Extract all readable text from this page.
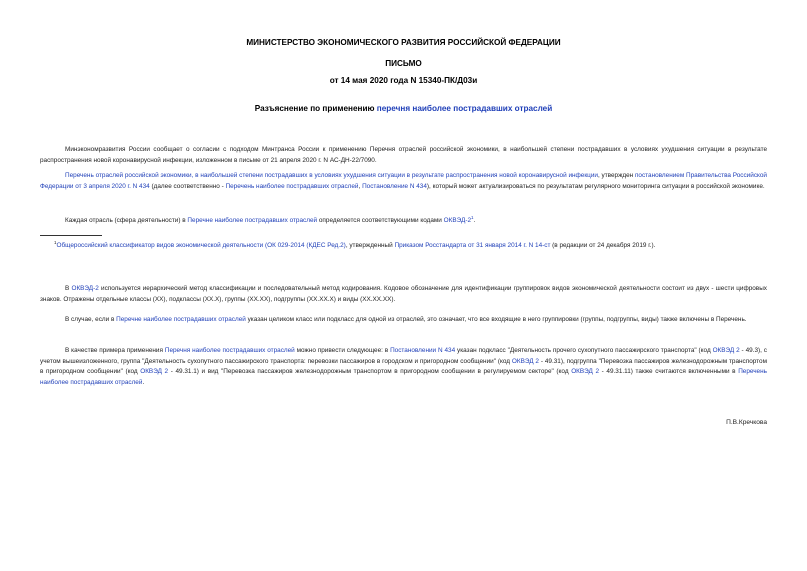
МИНИСТЕРСТВО ЭКОНОМИЧЕСКОГО РАЗВИТИЯ РОССИЙСКОЙ ФЕДЕРАЦИИ
ПИСЬМО
от 14 мая 2020 года N 15340-ПК/Д03и
Разъяснение по применению перечня наиболее пострадавших отраслей
Минэкономразвития России сообщает о согласии с подходом Минтранса России к применению Перечня отраслей российской экономики, в наибольшей степени пострадавших в условиях ухудшения ситуации в результате распространения новой коронавирусной инфекции, изложенном в письме от 21 апреля 2020 г. N АС-ДН-22/7090.
Перечень отраслей российской экономики, в наибольшей степени пострадавших в условиях ухудшения ситуации в результате распространения новой коронавирусной инфекции, утвержден постановлением Правительства Российской Федерации от 3 апреля 2020 г. N 434 (далее соответственно - Перечень наиболее пострадавших отраслей, Постановление N 434), который может актуализироваться по результатам регулярного мониторинга ситуации в российской экономике.
Каждая отрасль (сфера деятельности) в Перечне наиболее пострадавших отраслей определяется соответствующими кодами ОКВЭД-2$^1$.
$^1$Общероссийский классификатор видов экономической деятельности (ОК 029-2014 (КДЕС Ред.2), утвержденный Приказом Росстандарта от 31 января 2014 г. N 14-ст (в редакции от 24 декабря 2019 г.).
В ОКВЭД-2 используется иерархический метод классификации и последовательный метод кодирования. Кодовое обозначение для идентификации группировок видов экономической деятельности состоит из двух - шести цифровых знаков. Отражены отдельные классы (XX), подклассы (XX.X), группы (XX.XX), подгруппы (XX.XX.X) и виды (XX.XX.XX).
В случае, если в Перечне наиболее пострадавших отраслей указан целиком класс или подкласс для одной из отраслей, это означает, что все входящие в него группировки (группы, подгруппы, виды) также включены в Перечень.
В качестве примера применения Перечня наиболее пострадавших отраслей можно привести следующее: в Постановлении N 434 указан подкласс "Деятельность прочего сухопутного пассажирского транспорта" (код ОКВЭД 2 - 49.3), с учетом вышеизложенного, группа "Деятельность сухопутного пассажирского транспорта: перевозки пассажиров в городском и пригородном сообщении" (код ОКВЭД 2 - 49.31), подгруппа "Перевозка пассажиров железнодорожным транспортом в пригородном сообщении" (код ОКВЭД 2 - 49.31.1) и вид "Перевозка пассажиров железнодорожным транспортом в пригородном сообщении в регулируемом секторе" (код ОКВЭД 2 - 49.31.11) также считаются включенными в Перечень наиболее пострадавших отраслей.
П.В.Кречкова
